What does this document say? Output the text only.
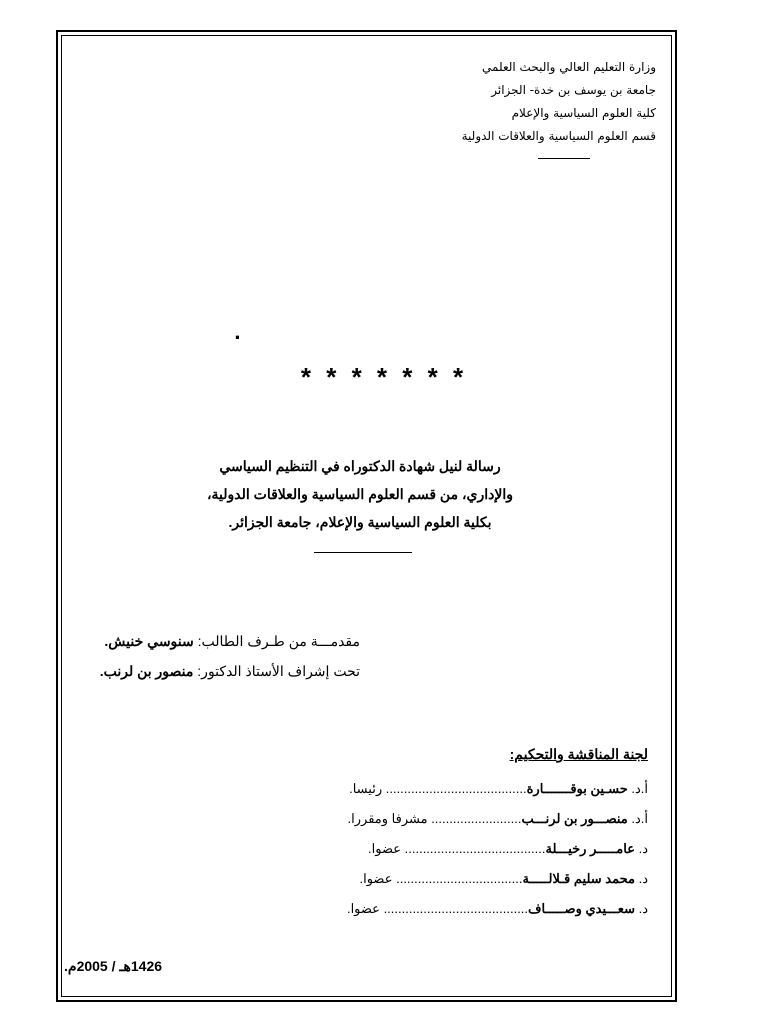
وزارة التعليم العالي والبحث العلمي
جامعة بن يوسف بن خدة- الجزائر
كلية العلوم السياسية والإعلام
قسم العلوم السياسية والعلاقات الدولية
.
* * * * * * *
رسالة لنيل شهادة الدكتوراه في التنظيم السياسي
والإداري، من قسم العلوم السياسية والعلاقات الدولية،
بكلية العلوم السياسية والإعلام، جامعة الجزائر.
مقدمـــة من طـرف الطالب: سنوسي خنيش.
تحت إشراف الأستاذ الدكتور: منصور بن لرنب.
لجنة المناقشة والتحكيم:
أ.د. حسـين بوقـــــــارة....................................... رئيسا.
أ.د. منصـــور بن لرنـــب......................... مشرفا ومقررا.
د. عامـــــر رخيـــلة....................................... عضوا.
د. محمد سليم قـلالـــــة................................... عضوا.
د. سعـــيدي وصـــــاف........................................ عضوا.
1426هـ / 2005م.
